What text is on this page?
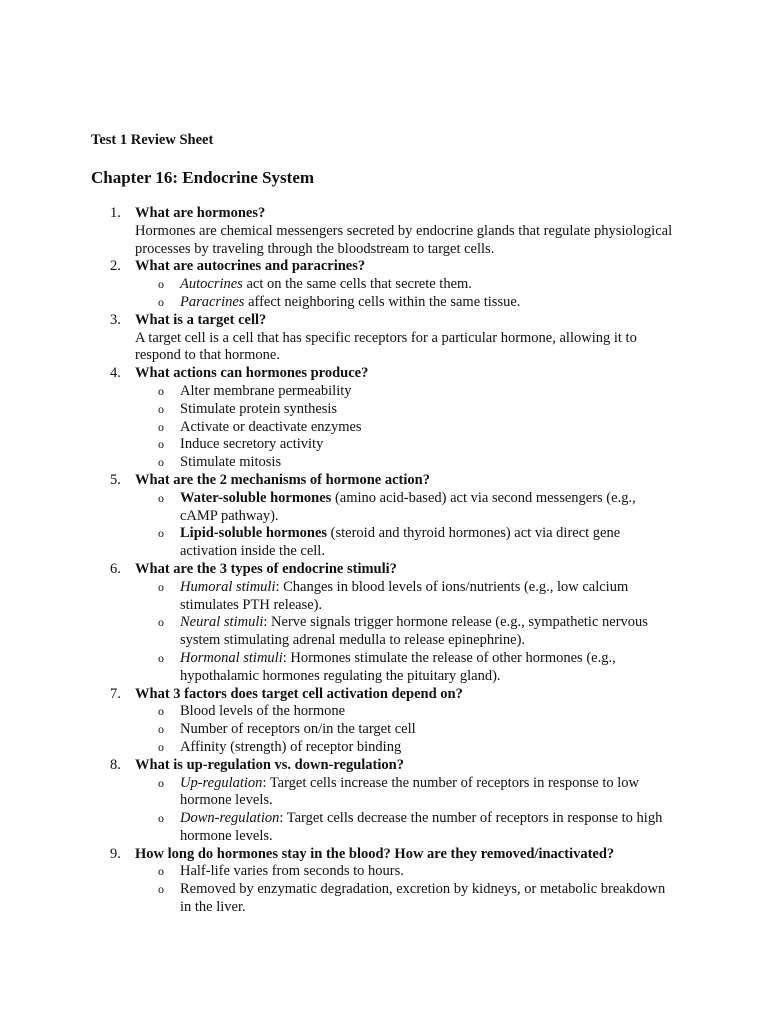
Test 1 Review Sheet
Chapter 16: Endocrine System
1. What are hormones?
Hormones are chemical messengers secreted by endocrine glands that regulate physiological processes by traveling through the bloodstream to target cells.
2. What are autocrines and paracrines?
o Autocrines act on the same cells that secrete them.
o Paracrines affect neighboring cells within the same tissue.
3. What is a target cell?
A target cell is a cell that has specific receptors for a particular hormone, allowing it to respond to that hormone.
4. What actions can hormones produce?
o Alter membrane permeability
o Stimulate protein synthesis
o Activate or deactivate enzymes
o Induce secretory activity
o Stimulate mitosis
5. What are the 2 mechanisms of hormone action?
o Water-soluble hormones (amino acid-based) act via second messengers (e.g., cAMP pathway).
o Lipid-soluble hormones (steroid and thyroid hormones) act via direct gene activation inside the cell.
6. What are the 3 types of endocrine stimuli?
o Humoral stimuli: Changes in blood levels of ions/nutrients (e.g., low calcium stimulates PTH release).
o Neural stimuli: Nerve signals trigger hormone release (e.g., sympathetic nervous system stimulating adrenal medulla to release epinephrine).
o Hormonal stimuli: Hormones stimulate the release of other hormones (e.g., hypothalamic hormones regulating the pituitary gland).
7. What 3 factors does target cell activation depend on?
o Blood levels of the hormone
o Number of receptors on/in the target cell
o Affinity (strength) of receptor binding
8. What is up-regulation vs. down-regulation?
o Up-regulation: Target cells increase the number of receptors in response to low hormone levels.
o Down-regulation: Target cells decrease the number of receptors in response to high hormone levels.
9. How long do hormones stay in the blood? How are they removed/inactivated?
o Half-life varies from seconds to hours.
o Removed by enzymatic degradation, excretion by kidneys, or metabolic breakdown in the liver.
